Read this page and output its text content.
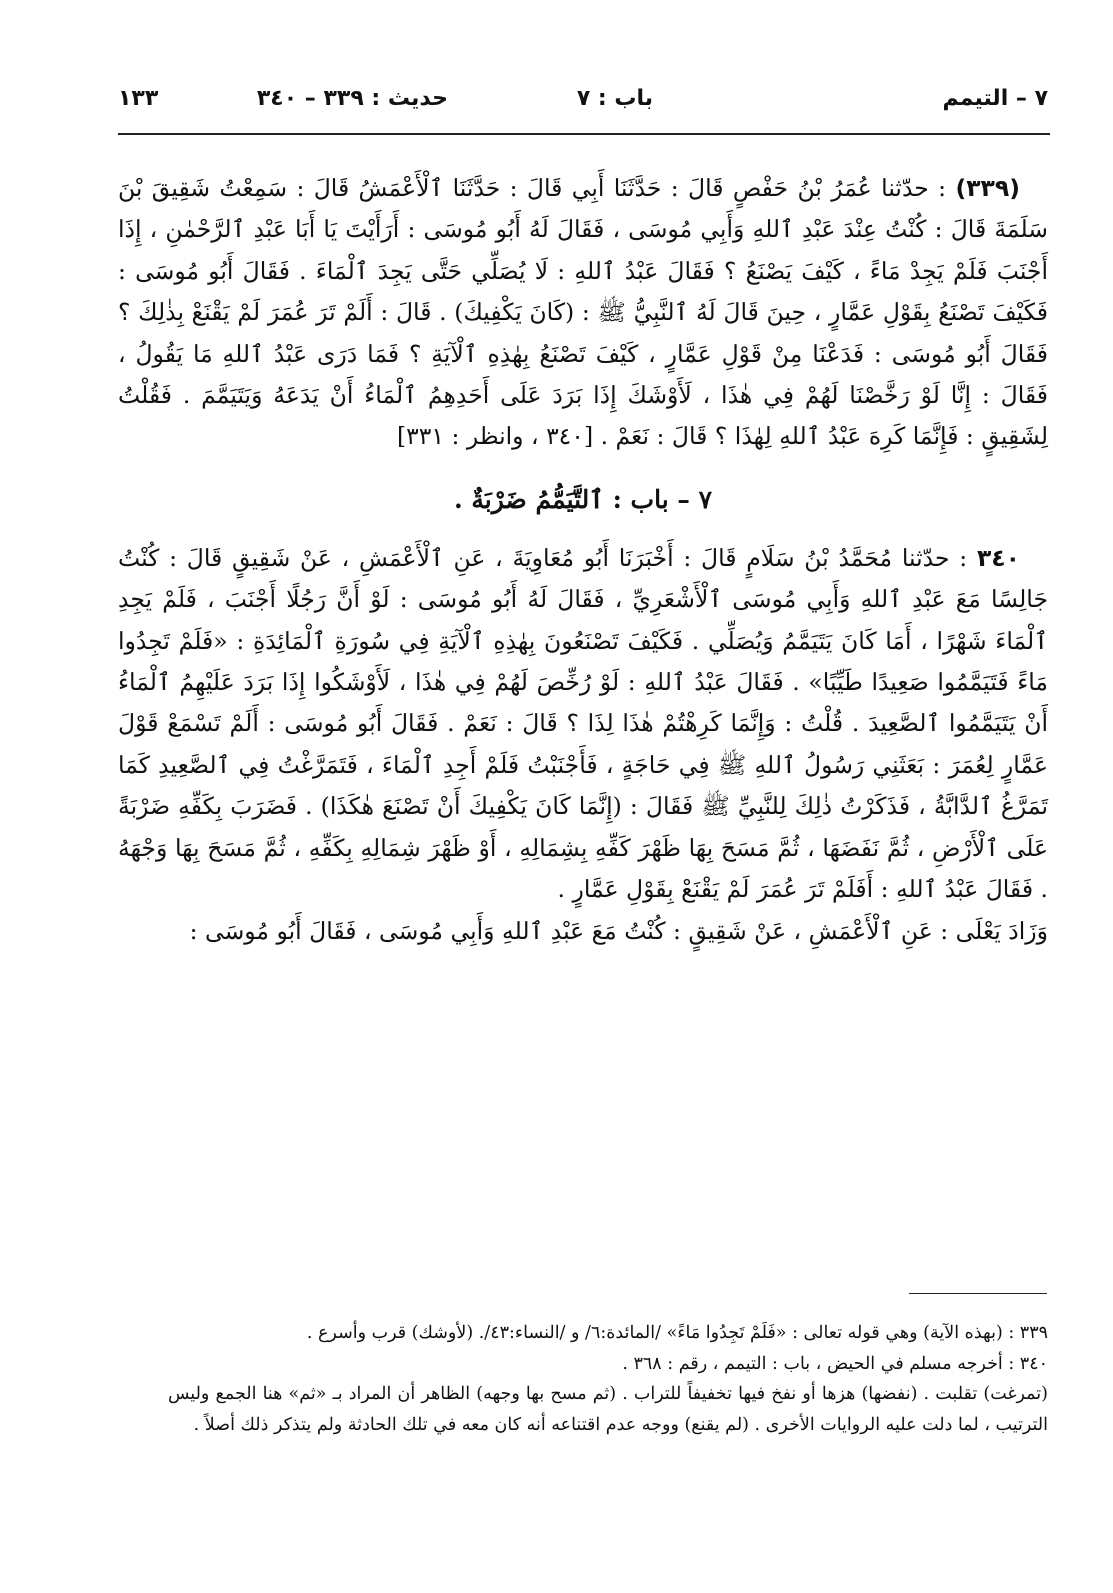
٧ – التيمم
باب : ٧
حديث : ٣٣٩ – ٣٤٠
١٣٣

(٣٣٩) : حدّثنا عُمَرُ بْنُ حَفْصٍ قَالَ : حَدَّثَنَا أَبِي قَالَ : حَدَّثَنَا ٱلْأَعْمَشُ قَالَ : سَمِعْتُ شَقِيقَ بْنَ سَلَمَةَ قَالَ : كُنْتُ عِنْدَ عَبْدِ ٱللهِ وَأَبِي مُوسَى ، فَقَالَ لَهُ أَبُو مُوسَى : أَرَأَيْتَ يَا أَبَا عَبْدِ ٱلرَّحْمٰنِ ، إِذَا أَجْنَبَ فَلَمْ يَجِدْ مَاءً ، كَيْفَ يَصْنَعُ ؟ فَقَالَ عَبْدُ ٱللهِ : لَا يُصَلِّي حَتَّى يَجِدَ ٱلْمَاءَ . فَقَالَ أَبُو مُوسَى : فَكَيْفَ تَصْنَعُ بِقَوْلِ عَمَّارٍ ، حِينَ قَالَ لَهُ ٱلنَّبِيُّ ﷺ : (كَانَ يَكْفِيكَ) . قَالَ : أَلَمْ تَرَ عُمَرَ لَمْ يَقْنَعْ بِذٰلِكَ ؟ فَقَالَ أَبُو مُوسَى : فَدَعْنَا مِنْ قَوْلِ عَمَّارٍ ، كَيْفَ تَصْنَعُ بِهٰذِهِ ٱلْآيَةِ ؟ فَمَا دَرَى عَبْدُ ٱللهِ مَا يَقُولُ ، فَقَالَ : إِنَّا لَوْ رَخَّصْنَا لَهُمْ فِي هٰذَا ، لَأَوْشَكَ إِذَا بَرَدَ عَلَى أَحَدِهِمُ ٱلْمَاءُ أَنْ يَدَعَهُ وَيَتَيَمَّمَ . فَقُلْتُ لِشَقِيقٍ : فَإِنَّمَا كَرِهَ عَبْدُ ٱللهِ لِهٰذَا ؟ قَالَ : نَعَمْ . [٣٤٠ ، وانظر : ٣٣١]

٧ – باب : ٱلتَّيَمُّمُ ضَرْبَةٌ .

٣٤٠ : حدّثنا مُحَمَّدُ بْنُ سَلَامٍ قَالَ : أَخْبَرَنَا أَبُو مُعَاوِيَةَ ، عَنِ ٱلْأَعْمَشِ ، عَنْ شَقِيقٍ قَالَ : كُنْتُ جَالِسًا مَعَ عَبْدِ ٱللهِ وَأَبِي مُوسَى ٱلْأَشْعَرِيِّ ، فَقَالَ لَهُ أَبُو مُوسَى : لَوْ أَنَّ رَجُلًا أَجْنَبَ ، فَلَمْ يَجِدِ ٱلْمَاءَ شَهْرًا ، أَمَا كَانَ يَتَيَمَّمُ وَيُصَلِّي . فَكَيْفَ تَصْنَعُونَ بِهٰذِهِ ٱلْآيَةِ فِي سُورَةِ ٱلْمَائِدَةِ : «فَلَمْ تَجِدُوا مَاءً فَتَيَمَّمُوا صَعِيدًا طَيِّبًا» . فَقَالَ عَبْدُ ٱللهِ : لَوْ رُخِّصَ لَهُمْ فِي هٰذَا ، لَأَوْشَكُوا إِذَا بَرَدَ عَلَيْهِمُ ٱلْمَاءُ أَنْ يَتَيَمَّمُوا ٱلصَّعِيدَ . قُلْتُ : وَإِنَّمَا كَرِهْتُمْ هٰذَا لِذَا ؟ قَالَ : نَعَمْ . فَقَالَ أَبُو مُوسَى : أَلَمْ تَسْمَعْ قَوْلَ عَمَّارٍ لِعُمَرَ : بَعَثَنِي رَسُولُ ٱللهِ ﷺ فِي حَاجَةٍ ، فَأَجْنَبْتُ فَلَمْ أَجِدِ ٱلْمَاءَ ، فَتَمَرَّغْتُ فِي ٱلصَّعِيدِ كَمَا تَمَرَّغُ ٱلدَّابَّةُ ، فَذَكَرْتُ ذٰلِكَ لِلنَّبِيِّ ﷺ فَقَالَ : (إِنَّمَا كَانَ يَكْفِيكَ أَنْ تَصْنَعَ هٰكَذَا) . فَضَرَبَ بِكَفِّهِ ضَرْبَةً عَلَى ٱلْأَرْضِ ، ثُمَّ نَفَضَهَا ، ثُمَّ مَسَحَ بِهَا ظَهْرَ كَفِّهِ بِشِمَالِهِ ، أَوْ ظَهْرَ شِمَالِهِ بِكَفِّهِ ، ثُمَّ مَسَحَ بِهَا وَجْهَهُ . فَقَالَ عَبْدُ ٱللهِ : أَفَلَمْ تَرَ عُمَرَ لَمْ يَقْنَعْ بِقَوْلِ عَمَّارٍ .

وَزَادَ يَعْلَى : عَنِ ٱلْأَعْمَشِ ، عَنْ شَقِيقٍ : كُنْتُ مَعَ عَبْدِ ٱللهِ وَأَبِي مُوسَى ، فَقَالَ أَبُو مُوسَى :

٣٣٩ : (بهذه الآية) وهي قوله تعالى : «فَلَمْ تَجِدُوا مَاءً» /المائدة:٦/ و /النساء:٤٣/. (لأوشك) قرب وأسرع .

٣٤٠ : أخرجه مسلم في الحيض ، باب : التيمم ، رقم : ٣٦٨ .

(تمرغت) تقلبت . (نفضها) هزها أو نفخ فيها تخفيفاً للتراب . (ثم مسح بها وجهه) الظاهر أن المراد بـ «ثم» هنا الجمع وليس الترتيب ، لما دلت عليه الروايات الأخرى . (لم يقنع) ووجه عدم اقتناعه أنه كان معه في تلك الحادثة ولم يتذكر ذلك أصلاً .
